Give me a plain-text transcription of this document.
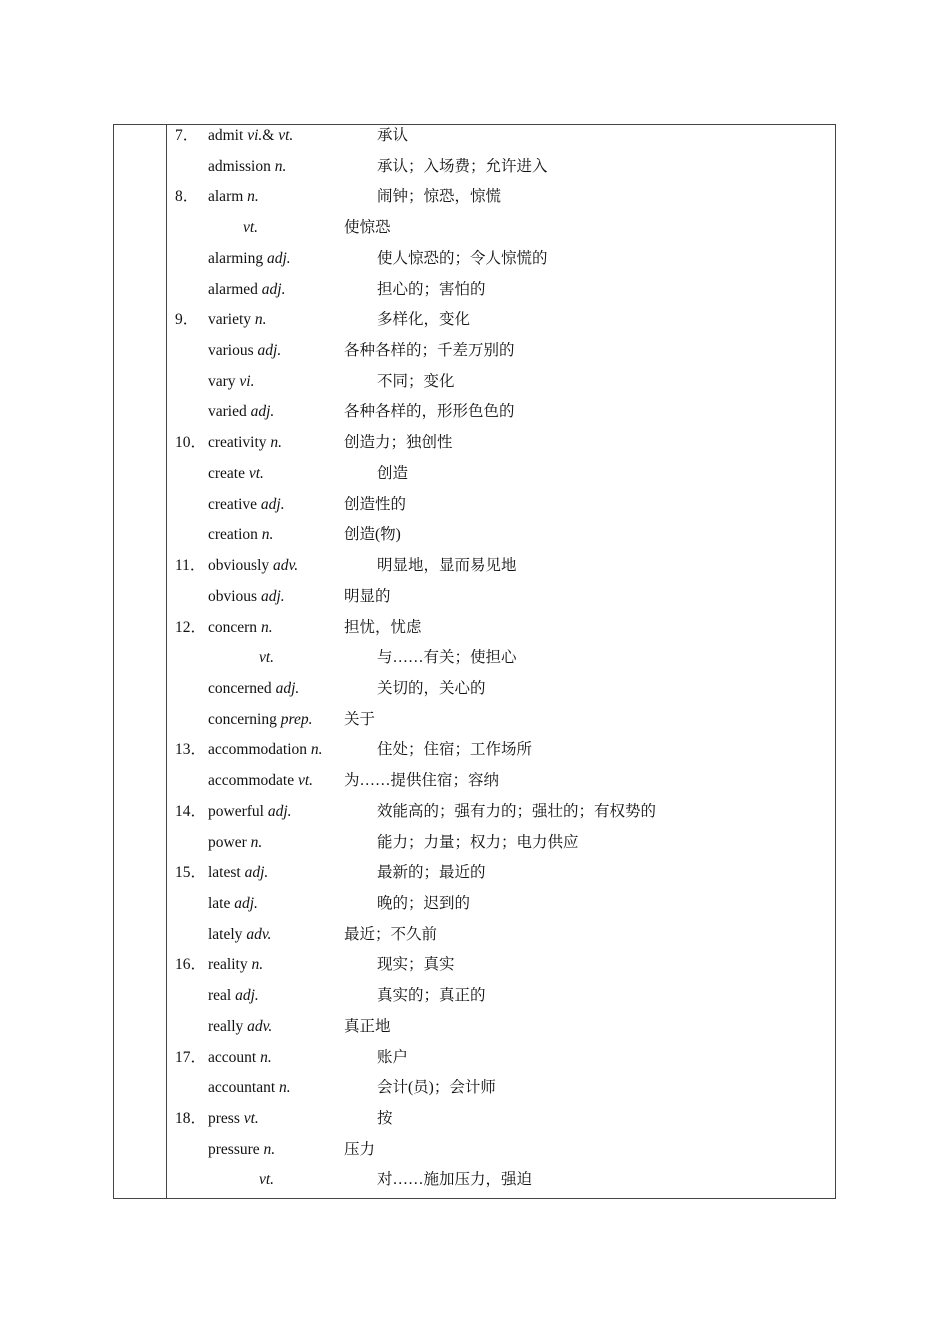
7． admit vi.& vt.	承认
admission n.	承认；入场费；允许进入
8． alarm n.	闹钟；惊恐，惊慌
vt.	使惊恐
alarming adj.	使人惊恐的；令人惊慌的
alarmed adj.	担心的；害怕的
9． variety n.	多样化，变化
various adj.	各种各样的；千差万别的
vary vi.	不同；变化
varied adj.	各种各样的，形形色色的
10． creativity n.	创造力；独创性
create vt.	创造
creative adj.	创造性的
creation n.	创造(物)
11． obviously adv.	明显地，显而易见地
obvious adj.	明显的
12． concern n.	担忧，忧虑
vt.	与……有关；使担心
concerned adj.	关切的，关心的
concerning prep. 关于
13． accommodation n.	住处；住宿；工作场所
accommodate vt. 为……提供住宿；容纳
14． powerful adj.	效能高的；强有力的；强壮的；有权势的
power n.	能力；力量；权力；电力供应
15． latest adj.	最新的；最近的
late adj.	晚的；迟到的
lately adv.	最近；不久前
16． reality n.	现实；真实
real adj.	真实的；真正的
really adv.	真正地
17． account n.	账户
accountant n.	会计(员)；会计师
18． press vt.	按
pressure n.	压力
vt.	对……施加压力，强迫
